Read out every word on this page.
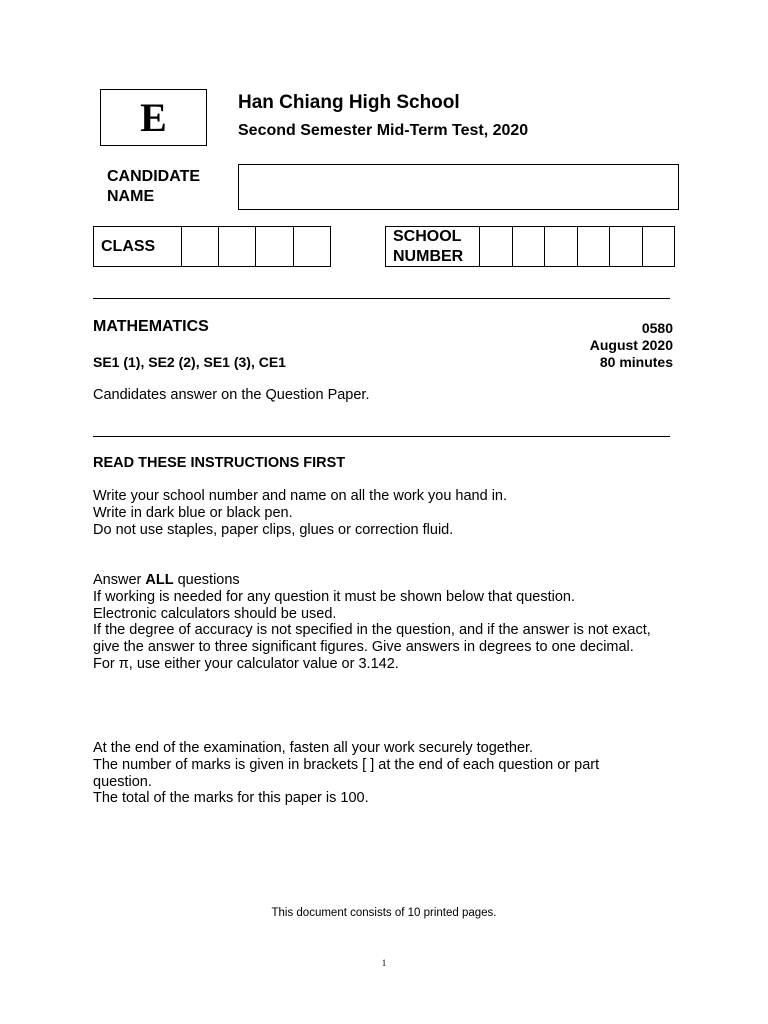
E	Han Chiang High School
Second Semester Mid-Term Test, 2020
CANDIDATE
NAME
CLASS
SCHOOL
NUMBER
MATHEMATICS	0580
August 2020
80 minutes
SE1 (1), SE2 (2), SE1 (3), CE1
Candidates answer on the Question Paper.
READ THESE INSTRUCTIONS FIRST

Write your school number and name on all the work you hand in.

Write in dark blue or black pen.

Do not use staples, paper clips, glues or correction fluid.

Answer ALL questions

If working is needed for any question it must be shown below that question.

Electronic calculators should be used.

If the degree of accuracy is not specified in the question, and if the answer is not exact, give the answer to three significant figures. Give answers in degrees to one decimal.

For π, use either your calculator value or 3.142.

At the end of the examination, fasten all your work securely together.

The number of marks is given in brackets [ ] at the end of each question or part question.

The total of the marks for this paper is 100.

This document consists of 10 printed pages.
1
